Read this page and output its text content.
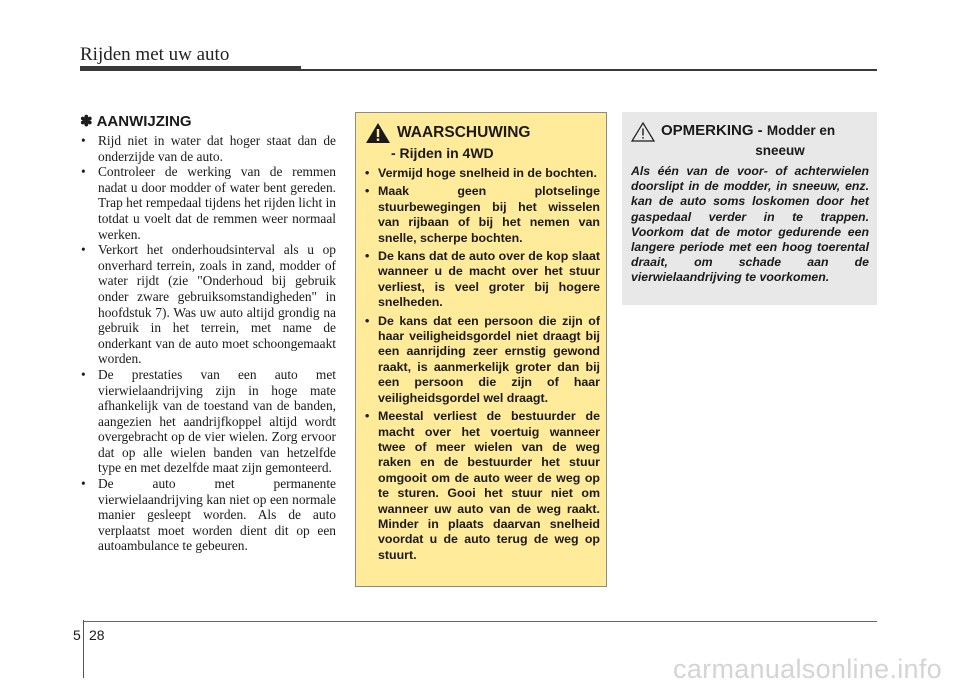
Rijden met uw auto
✽ AANWIJZING
• Rijd niet in water dat hoger staat dan de onderzijde van de auto.
• Controleer de werking van de remmen nadat u door modder of water bent gereden. Trap het rempedaal tijdens het rijden licht in totdat u voelt dat de remmen weer normaal werken.
• Verkort het onderhoudsinterval als u op onverhard terrein, zoals in zand, modder of water rijdt (zie "Onderhoud bij gebruik onder zware gebruiksomstandigheden" in hoofdstuk 7). Was uw auto altijd grondig na gebruik in het terrein, met name de onderkant van de auto moet schoongemaakt worden.
• De prestaties van een auto met vierwielaandrijving zijn in hoge mate afhankelijk van de toestand van de banden, aangezien het aandrijfkoppel altijd wordt overgebracht op de vier wielen. Zorg ervoor dat op alle wielen banden van hetzelfde type en met dezelfde maat zijn gemonteerd.
• De auto met permanente vierwielaandrijving kan niet op een normale manier gesleept worden. Als de auto verplaatst moet worden dient dit op een autoambulance te gebeuren.
WAARSCHUWING
- Rijden in 4WD
• Vermijd hoge snelheid in de bochten.
• Maak geen plotselinge stuurbewegingen bij het wisselen van rijbaan of bij het nemen van snelle, scherpe bochten.
• De kans dat de auto over de kop slaat wanneer u de macht over het stuur verliest, is veel groter bij hogere snelheden.
• De kans dat een persoon die zijn of haar veiligheidsgordel niet draagt bij een aanrijding zeer ernstig gewond raakt, is aanmerkelijk groter dan bij een persoon die zijn of haar veiligheidsgordel wel draagt.
• Meestal verliest de bestuurder de macht over het voertuig wanneer twee of meer wielen van de weg raken en de bestuurder het stuur omgooit om de auto weer de weg op te sturen. Gooi het stuur niet om wanneer uw auto van de weg raakt. Minder in plaats daarvan snelheid voordat u de auto terug de weg op stuurt.
OPMERKING - Modder en
sneeuw
Als één van de voor- of achterwielen doorslipt in de modder, in sneeuw, enz. kan de auto soms loskomen door het gaspedaal verder in te trappen. Voorkom dat de motor gedurende een langere periode met een hoog toerental draait, om schade aan de vierwielaandrijving te voorkomen.
5 28
carmanualsonline.info
